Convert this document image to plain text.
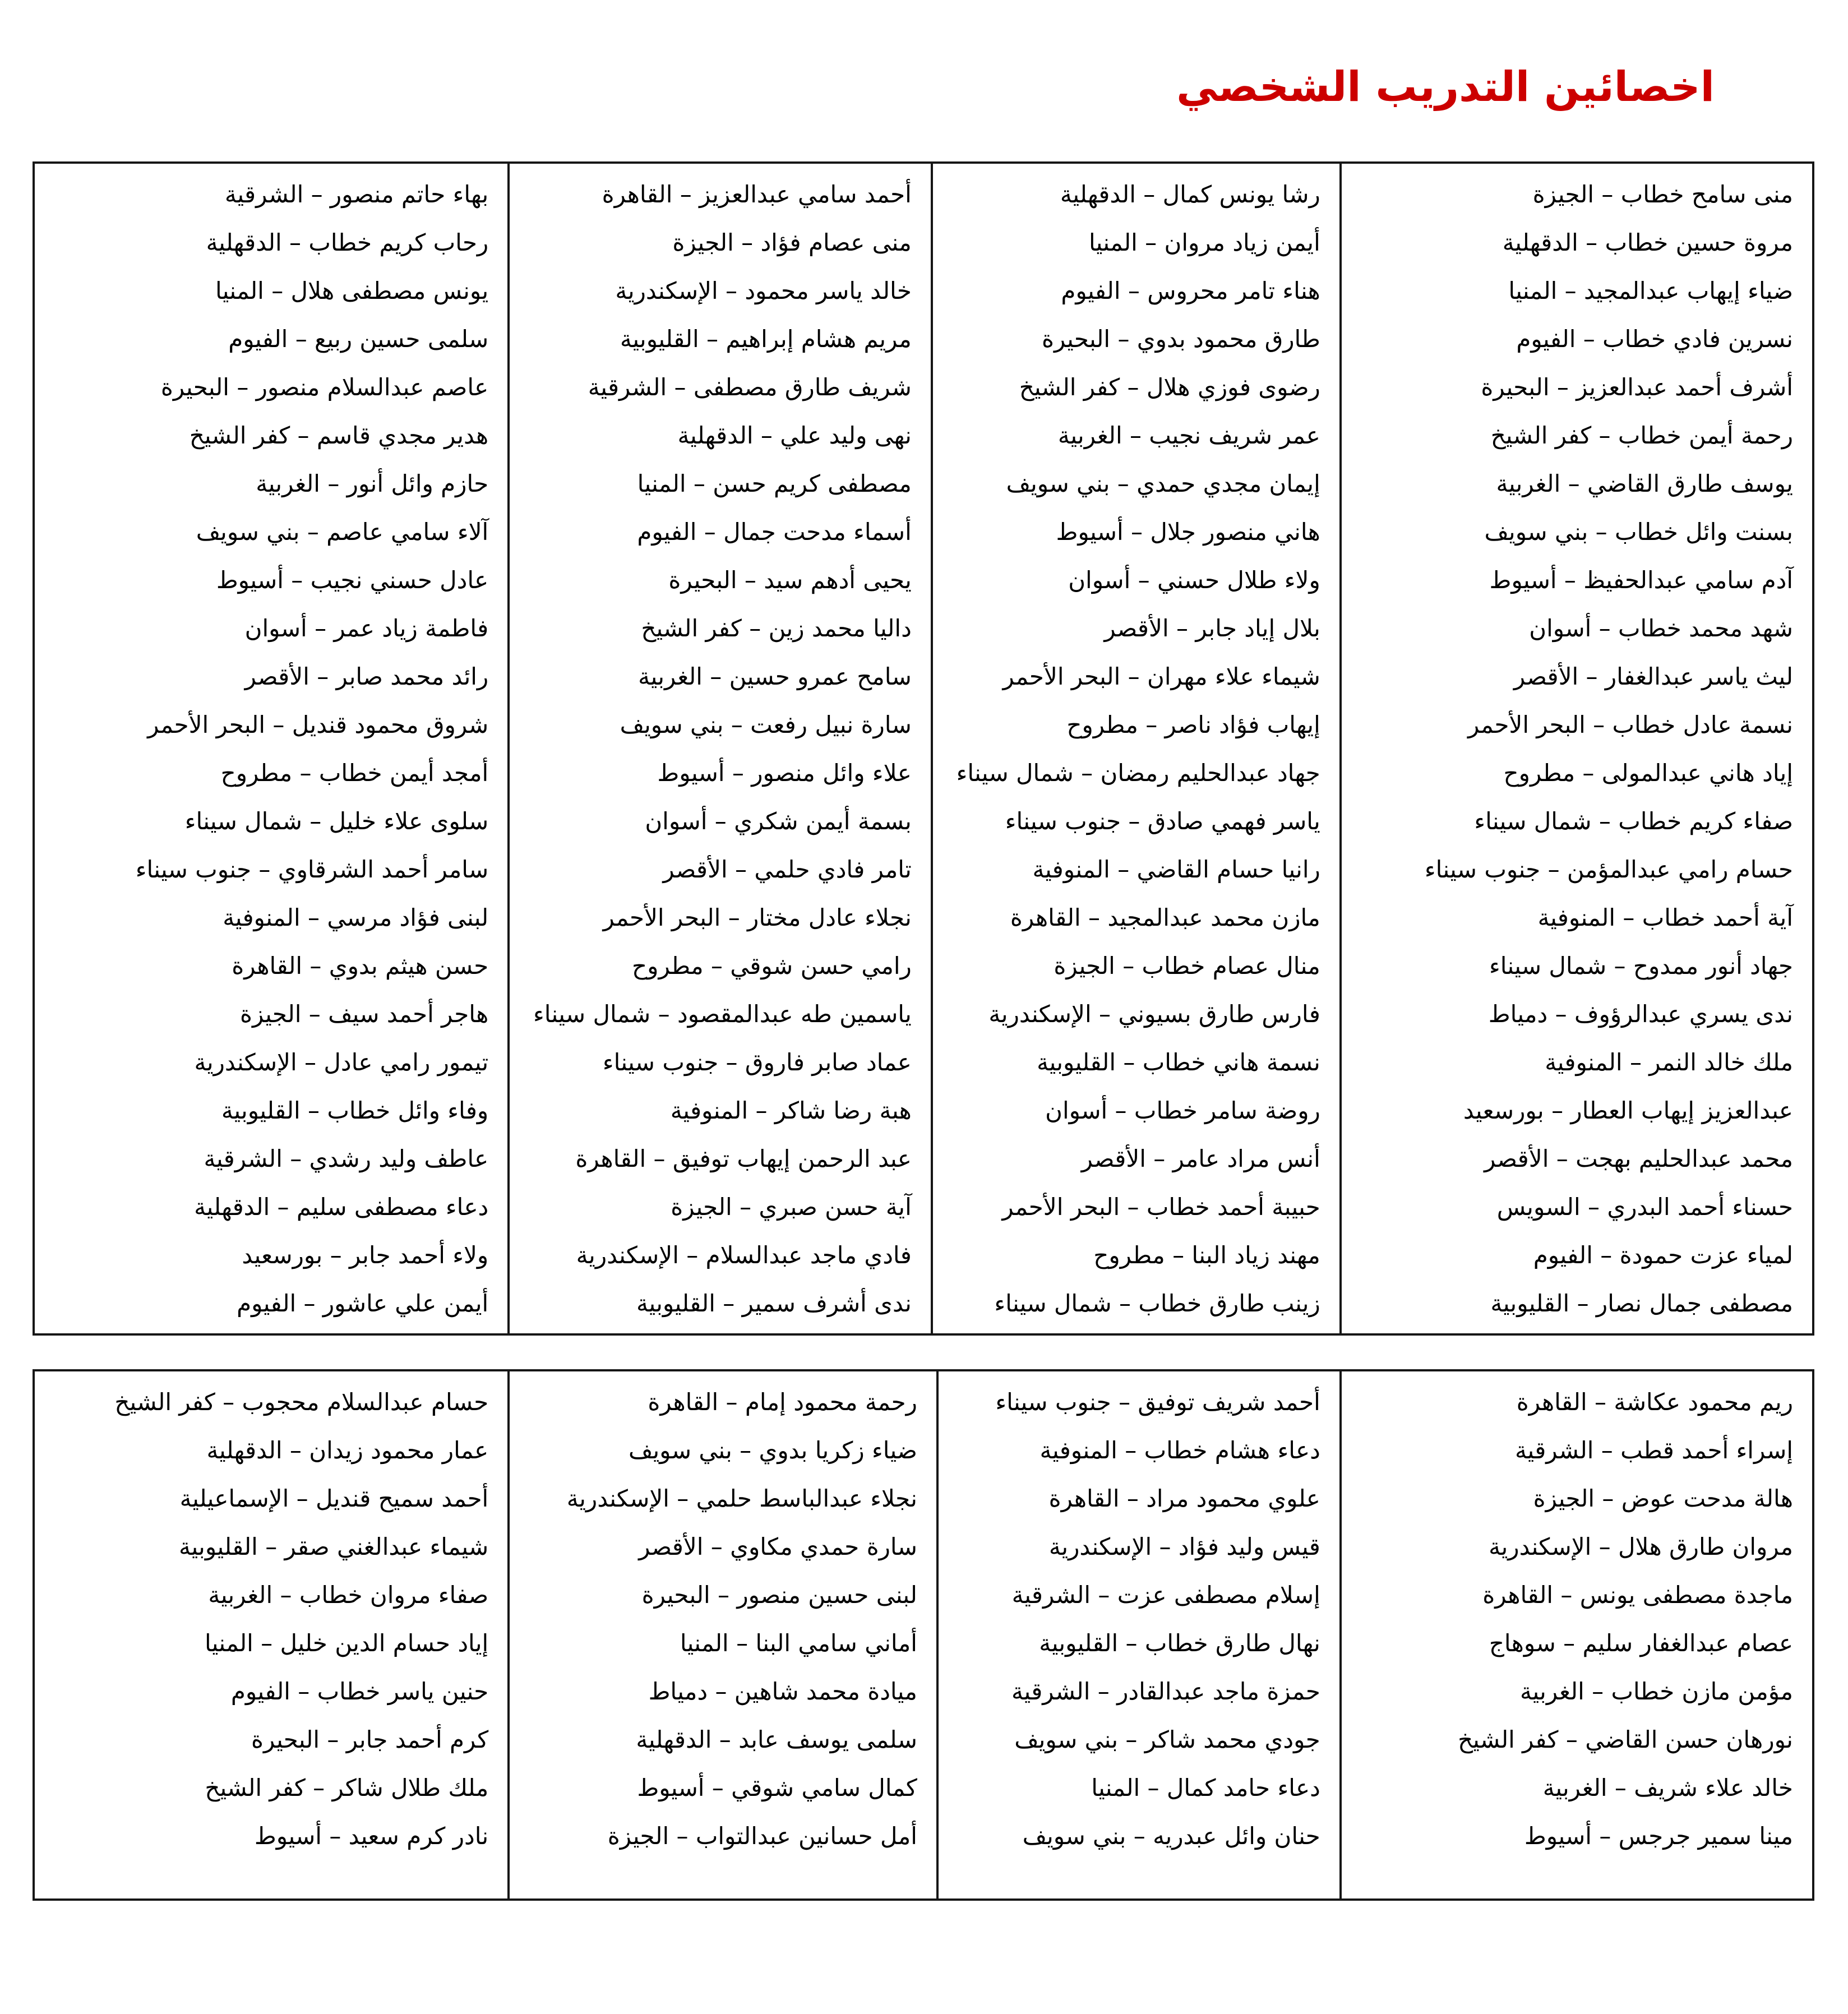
اخصائين التدريب الشخصي
منى سامح خطاب – الجيزة
مروة حسين خطاب – الدقهلية
ضياء إيهاب عبدالمجيد – المنيا
نسرين فادي خطاب – الفيوم
أشرف أحمد عبدالعزيز – البحيرة
رحمة أيمن خطاب – كفر الشيخ
يوسف طارق القاضي – الغربية
بسنت وائل خطاب – بني سويف
آدم سامي عبدالحفيظ – أسيوط
شهد محمد خطاب – أسوان
ليث ياسر عبدالغفار – الأقصر
نسمة عادل خطاب – البحر الأحمر
إياد هاني عبدالمولى – مطروح
صفاء كريم خطاب – شمال سيناء
حسام رامي عبدالمؤمن – جنوب سيناء
آية أحمد خطاب – المنوفية
جهاد أنور ممدوح – شمال سيناء
ندى يسري عبدالرؤوف – دمياط
ملك خالد النمر – المنوفية
عبدالعزيز إيهاب العطار – بورسعيد
محمد عبدالحليم بهجت – الأقصر
حسناء أحمد البدري – السويس
لمياء عزت حمودة – الفيوم
مصطفى جمال نصار – القليوبية
رشا يونس كمال – الدقهلية
أيمن زياد مروان – المنيا
هناء تامر محروس – الفيوم
طارق محمود بدوي – البحيرة
رضوى فوزي هلال – كفر الشيخ
عمر شريف نجيب – الغربية
إيمان مجدي حمدي – بني سويف
هاني منصور جلال – أسيوط
ولاء طلال حسني – أسوان
بلال إياد جابر – الأقصر
شيماء علاء مهران – البحر الأحمر
إيهاب فؤاد ناصر – مطروح
جهاد عبدالحليم رمضان – شمال سيناء
ياسر فهمي صادق – جنوب سيناء
رانيا حسام القاضي – المنوفية
مازن محمد عبدالمجيد – القاهرة
منال عصام خطاب – الجيزة
فارس طارق بسيوني – الإسكندرية
نسمة هاني خطاب – القليوبية
روضة سامر خطاب – أسوان
أنس مراد عامر – الأقصر
حبيبة أحمد خطاب – البحر الأحمر
مهند زياد البنا – مطروح
زينب طارق خطاب – شمال سيناء
أحمد سامي عبدالعزيز – القاهرة
منى عصام فؤاد – الجيزة
خالد ياسر محمود – الإسكندرية
مريم هشام إبراهيم – القليوبية
شريف طارق مصطفى – الشرقية
نهى وليد علي – الدقهلية
مصطفى كريم حسن – المنيا
أسماء مدحت جمال – الفيوم
يحيى أدهم سيد – البحيرة
داليا محمد زين – كفر الشيخ
سامح عمرو حسين – الغربية
سارة نبيل رفعت – بني سويف
علاء وائل منصور – أسيوط
بسمة أيمن شكري – أسوان
تامر فادي حلمي – الأقصر
نجلاء عادل مختار – البحر الأحمر
رامي حسن شوقي – مطروح
ياسمين طه عبدالمقصود – شمال سيناء
عماد صابر فاروق – جنوب سيناء
هبة رضا شاكر – المنوفية
عبد الرحمن إيهاب توفيق – القاهرة
آية حسن صبري – الجيزة
فادي ماجد عبدالسلام – الإسكندرية
ندى أشرف سمير – القليوبية
بهاء حاتم منصور – الشرقية
رحاب كريم خطاب – الدقهلية
يونس مصطفى هلال – المنيا
سلمى حسين ربيع – الفيوم
عاصم عبدالسلام منصور – البحيرة
هدير مجدي قاسم – كفر الشيخ
حازم وائل أنور – الغربية
آلاء سامي عاصم – بني سويف
عادل حسني نجيب – أسيوط
فاطمة زياد عمر – أسوان
رائد محمد صابر – الأقصر
شروق محمود قنديل – البحر الأحمر
أمجد أيمن خطاب – مطروح
سلوى علاء خليل – شمال سيناء
سامر أحمد الشرقاوي – جنوب سيناء
لبنى فؤاد مرسي – المنوفية
حسن هيثم بدوي – القاهرة
هاجر أحمد سيف – الجيزة
تيمور رامي عادل – الإسكندرية
وفاء وائل خطاب – القليوبية
عاطف وليد رشدي – الشرقية
دعاء مصطفى سليم – الدقهلية
ولاء أحمد جابر – بورسعيد
أيمن علي عاشور – الفيوم
ريم محمود عكاشة – القاهرة
إسراء أحمد قطب – الشرقية
هالة مدحت عوض – الجيزة
مروان طارق هلال – الإسكندرية
ماجدة مصطفى يونس – القاهرة
عصام عبدالغفار سليم – سوهاج
مؤمن مازن خطاب – الغربية
نورهان حسن القاضي – كفر الشيخ
خالد علاء شريف – الغربية
مينا سمير جرجس – أسيوط
أحمد شريف توفيق – جنوب سيناء
دعاء هشام خطاب – المنوفية
علوي محمود مراد – القاهرة
قيس وليد فؤاد – الإسكندرية
إسلام مصطفى عزت – الشرقية
نهال طارق خطاب – القليوبية
حمزة ماجد عبدالقادر – الشرقية
جودي محمد شاكر – بني سويف
دعاء حامد كمال – المنيا
حنان وائل عبدريه – بني سويف
رحمة محمود إمام – القاهرة
ضياء زكريا بدوي – بني سويف
نجلاء عبدالباسط حلمي – الإسكندرية
سارة حمدي مكاوي – الأقصر
لبنى حسين منصور – البحيرة
أماني سامي البنا – المنيا
ميادة محمد شاهين – دمياط
سلمى يوسف عابد – الدقهلية
كمال سامي شوقي – أسيوط
أمل حسانين عبدالتواب – الجيزة
حسام عبدالسلام محجوب – كفر الشيخ
عمار محمود زيدان – الدقهلية
أحمد سميح قنديل – الإسماعيلية
شيماء عبدالغني صقر – القليوبية
صفاء مروان خطاب – الغربية
إياد حسام الدين خليل – المنيا
حنين ياسر خطاب – الفيوم
كرم أحمد جابر – البحيرة
ملك طلال شاكر – كفر الشيخ
نادر كرم سعيد – أسيوط
